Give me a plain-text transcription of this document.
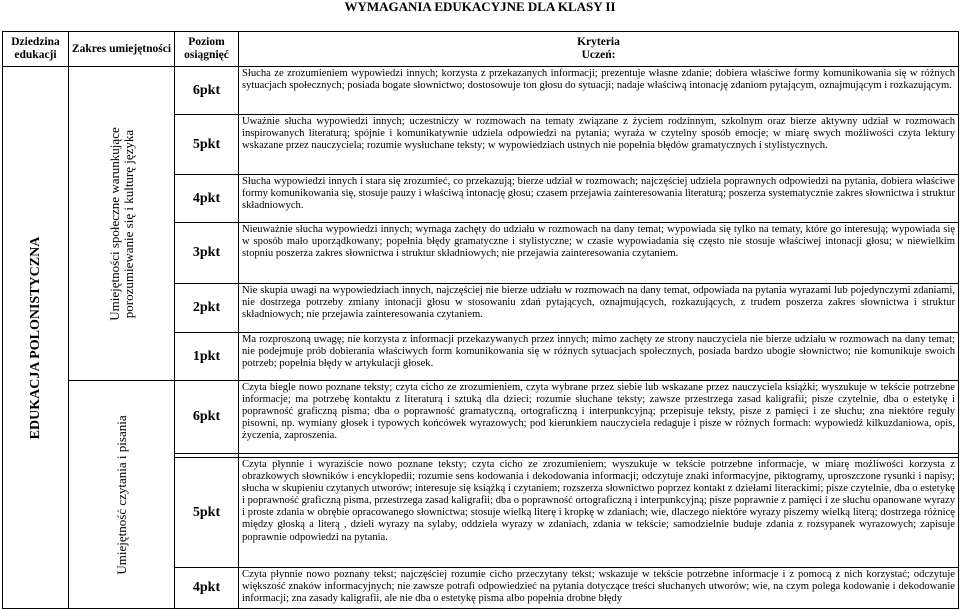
WYMAGANIA EDUKACYJNE DLA KLASY II
Dziedzina edukacji	Zakres umiejętności	Poziom osiągnięć	Kryteria
Uczeń:

EDUKACJA POLONISTYCZNA	Umiejętności społeczne warunkujące porozumiewanie się i kulturę języka	6pkt	Słucha ze zrozumieniem wypowiedzi innych; korzysta z przekazanych informacji; prezentuje własne zdanie; dobiera właściwe formy komunikowania się w różnych sytuacjach społecznych; posiada bogate słownictwo; dostosowuje ton głosu do sytuacji; nadaje właściwą intonację zdaniom pytającym, oznajmującym i rozkazującym.
		5pkt	Uważnie słucha wypowiedzi innych; uczestniczy w rozmowach na tematy związane z życiem rodzinnym, szkolnym oraz bierze aktywny udział w rozmowach inspirowanych literaturą; spójnie i komunikatywnie udziela odpowiedzi na pytania; wyraża w czytelny sposób emocje; w miarę swych możliwości czyta lektury wskazane przez nauczyciela; rozumie wysłuchane teksty; w wypowiedziach ustnych nie popełnia błędów gramatycznych i stylistycznych.
		4pkt	Słucha wypowiedzi innych i stara się zrozumieć, co przekazują; bierze udział w rozmowach; najczęściej udziela poprawnych odpowiedzi na pytania, dobiera właściwe formy komunikowania się, stosuje pauzy i właściwą intonację głosu; czasem przejawia zainteresowania literaturą; poszerza systematycznie zakres słownictwa i struktur składniowych.
		3pkt	Nieuważnie słucha wypowiedzi innych; wymaga zachęty do udziału w rozmowach na dany temat; wypowiada się tylko na tematy, które go interesują; wypowiada się w sposób mało uporządkowany; popełnia błędy gramatyczne i stylistyczne; w czasie wypowiadania się często nie stosuje właściwej intonacji głosu; w niewielkim stopniu poszerza zakres słownictwa i struktur składniowych; nie przejawia zainteresowania czytaniem.
		2pkt	Nie skupia uwagi na wypowiedziach innych, najczęściej nie bierze udziału w rozmowach na dany temat, odpowiada na pytania wyrazami lub pojedynczymi zdaniami, nie dostrzega potrzeby zmiany intonacji głosu w stosowaniu zdań pytających, oznajmujących, rozkazujących, z trudem poszerza zakres słownictwa i struktur składniowych; nie przejawia zainteresowania czytaniem.
		1pkt	Ma rozproszoną uwagę; nie korzysta z informacji przekazywanych przez innych; mimo zachęty ze strony nauczyciela nie bierze udziału w rozmowach na dany temat; nie podejmuje prób dobierania właściwych form komunikowania się w różnych sytuacjach społecznych, posiada bardzo ubogie słownictwo; nie komunikuje swoich potrzeb; popełnia błędy w artykulacji głosek.

	Umiejętność czytania i pisania	6pkt	Czyta biegle nowo poznane teksty; czyta cicho ze zrozumieniem, czyta wybrane przez siebie lub wskazane przez nauczyciela książki; wyszukuje w tekście potrzebne informacje; ma potrzebę kontaktu z literaturą i sztuką dla dzieci; rozumie słuchane teksty; zawsze przestrzega zasad kaligrafii; pisze czytelnie, dba o estetykę i poprawność graficzną pisma; dba o poprawność gramatyczną, ortograficzną i interpunkcyjną; przepisuje teksty, pisze z pamięci i ze słuchu; zna niektóre reguły pisowni, np. wymiany głosek i typowych końcówek wyrazowych; pod kierunkiem nauczyciela redaguje i pisze w różnych formach: wypowiedź kilkuzdaniowa, opis, życzenia, zaproszenia.

		5pkt	Czyta płynnie i wyraziście nowo poznane teksty; czyta cicho ze zrozumieniem; wyszukuje w tekście potrzebne informacje, w miarę możliwości korzysta z obrazkowych słowników i encyklopedii; rozumie sens kodowania i dekodowania informacji; odczytuje znaki informacyjne, piktogramy, uproszczone rysunki i napisy; słucha w skupieniu czytanych utworów; interesuje się książką i czytaniem; rozszerza słownictwo poprzez kontakt z dziełami literackimi; pisze czytelnie, dba o estetykę i poprawność graficzną pisma, przestrzega zasad kaligrafii; dba o poprawność ortograficzną i interpunkcyjną; pisze poprawnie z pamięci i ze słuchu opanowane wyrazy i proste zdania w obrębie opracowanego słownictwa; stosuje wielką literę i kropkę w zdaniach; wie, dlaczego niektóre wyrazy piszemy wielką literą; dostrzega różnicę między głoską a literą , dzieli wyrazy na sylaby, oddziela wyrazy w zdaniach, zdania w tekście; samodzielnie buduje zdania z rozsypanek wyrazowych; zapisuje poprawnie odpowiedzi na pytania.
		4pkt	Czyta płynnie nowo poznany tekst; najczęściej rozumie cicho przeczytany tekst; wskazuje w tekście potrzebne informacje i z pomocą z nich korzystać; odczytuje większość znaków informacyjnych; nie zawsze potrafi odpowiedzieć na pytania dotyczące treści słuchanych utworów; wie, na czym polega kodowanie i dekodowanie informacji; zna zasady kaligrafii, ale nie dba o estetykę pisma albo popełnia drobne błędy
